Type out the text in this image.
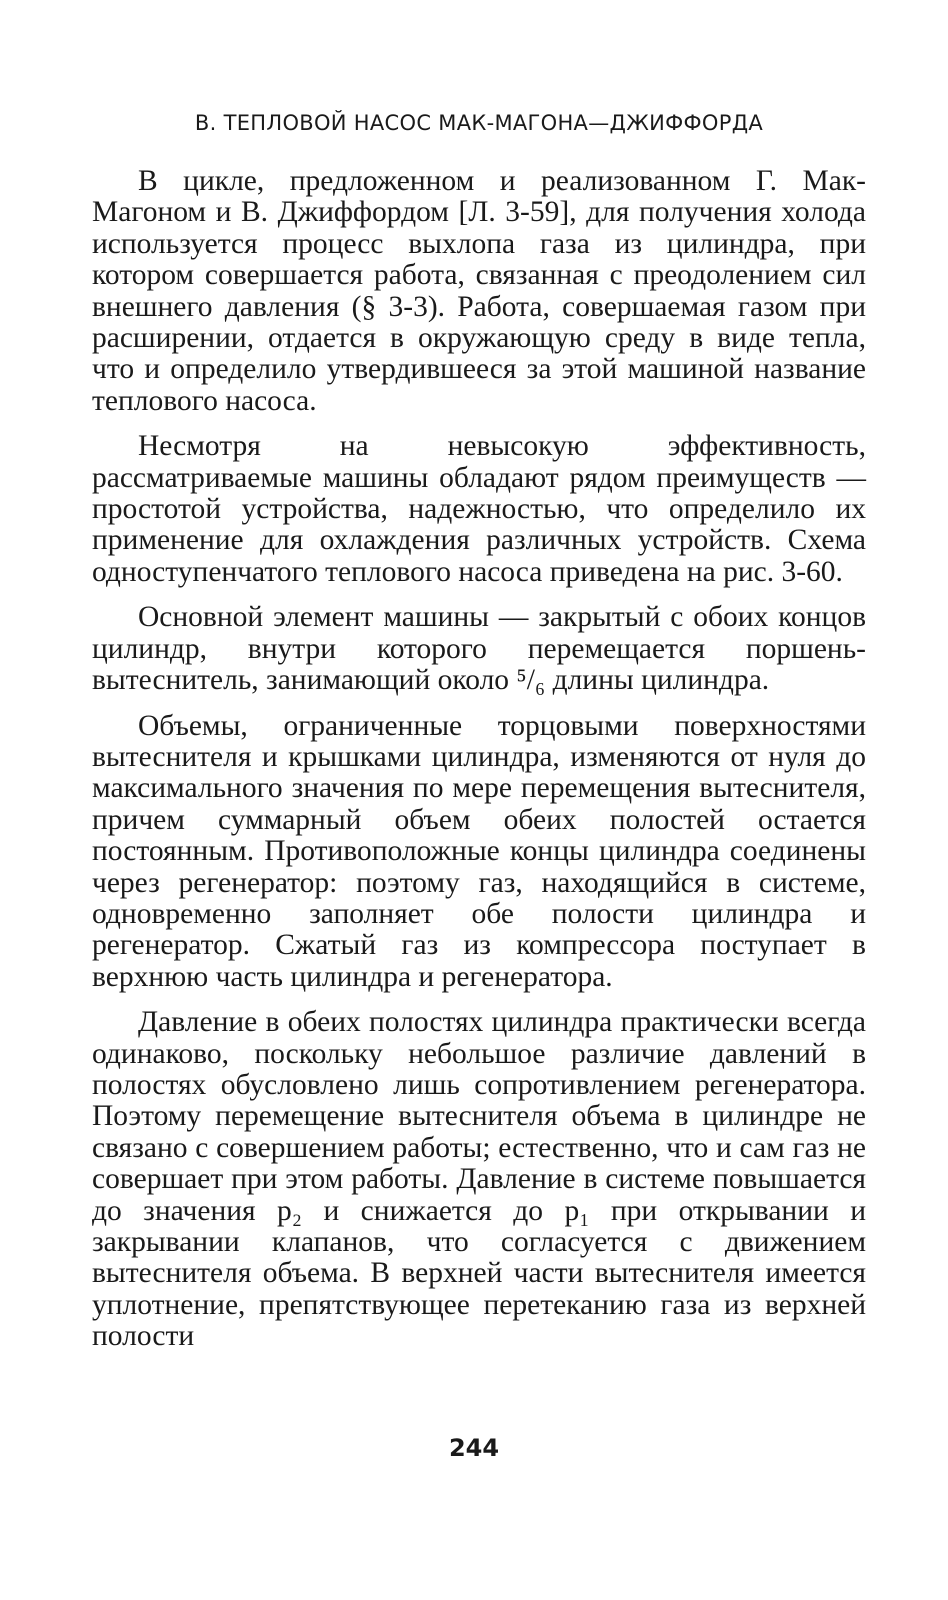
В. ТЕПЛОВОЙ НАСОС МАК-МАГОНА—ДЖИФФОРДА

В цикле, предложенном и реализованном Г. Мак-Магоном и В. Джиффордом [Л. 3-59], для получения холода используется процесс выхлопа газа из цилиндра, при котором совершается работа, связанная с преодолением сил внешнего давления (§ 3-3). Работа, совершаемая газом при расширении, отдается в окружающую среду в виде тепла, что и определило утвердившееся за этой машиной название теплового насоса.

Несмотря на невысокую эффективность, рассматриваемые машины обладают рядом преимуществ — простотой устройства, надежностью, что определило их применение для охлаждения различных устройств. Схема одноступенчатого теплового насоса приведена на рис. 3-60.

Основной элемент машины — закрытый с обоих концов цилиндр, внутри которого перемещается поршень-вытеснитель, занимающий около ⁵/₆ длины цилиндра.

Объемы, ограниченные торцовыми поверхностями вытеснителя и крышками цилиндра, изменяются от нуля до максимального значения по мере перемещения вытеснителя, причем суммарный объем обеих полостей остается постоянным. Противоположные концы цилиндра соединены через регенератор: поэтому газ, находящийся в системе, одновременно заполняет обе полости цилиндра и регенератор. Сжатый газ из компрессора поступает в верхнюю часть цилиндра и регенератора.

Давление в обеих полостях цилиндра практически всегда одинаково, поскольку небольшое различие давлений в полостях обусловлено лишь сопротивлением регенератора. Поэтому перемещение вытеснителя объема в цилиндре не связано с совершением работы; естественно, что и сам газ не совершает при этом работы. Давление в системе повышается до значения p₂ и снижается до p₁ при открывании и закрывании клапанов, что согласуется с движением вытеснителя объема. В верхней части вытеснителя имеется уплотнение, препятствующее перетеканию газа из верхней полости

244
